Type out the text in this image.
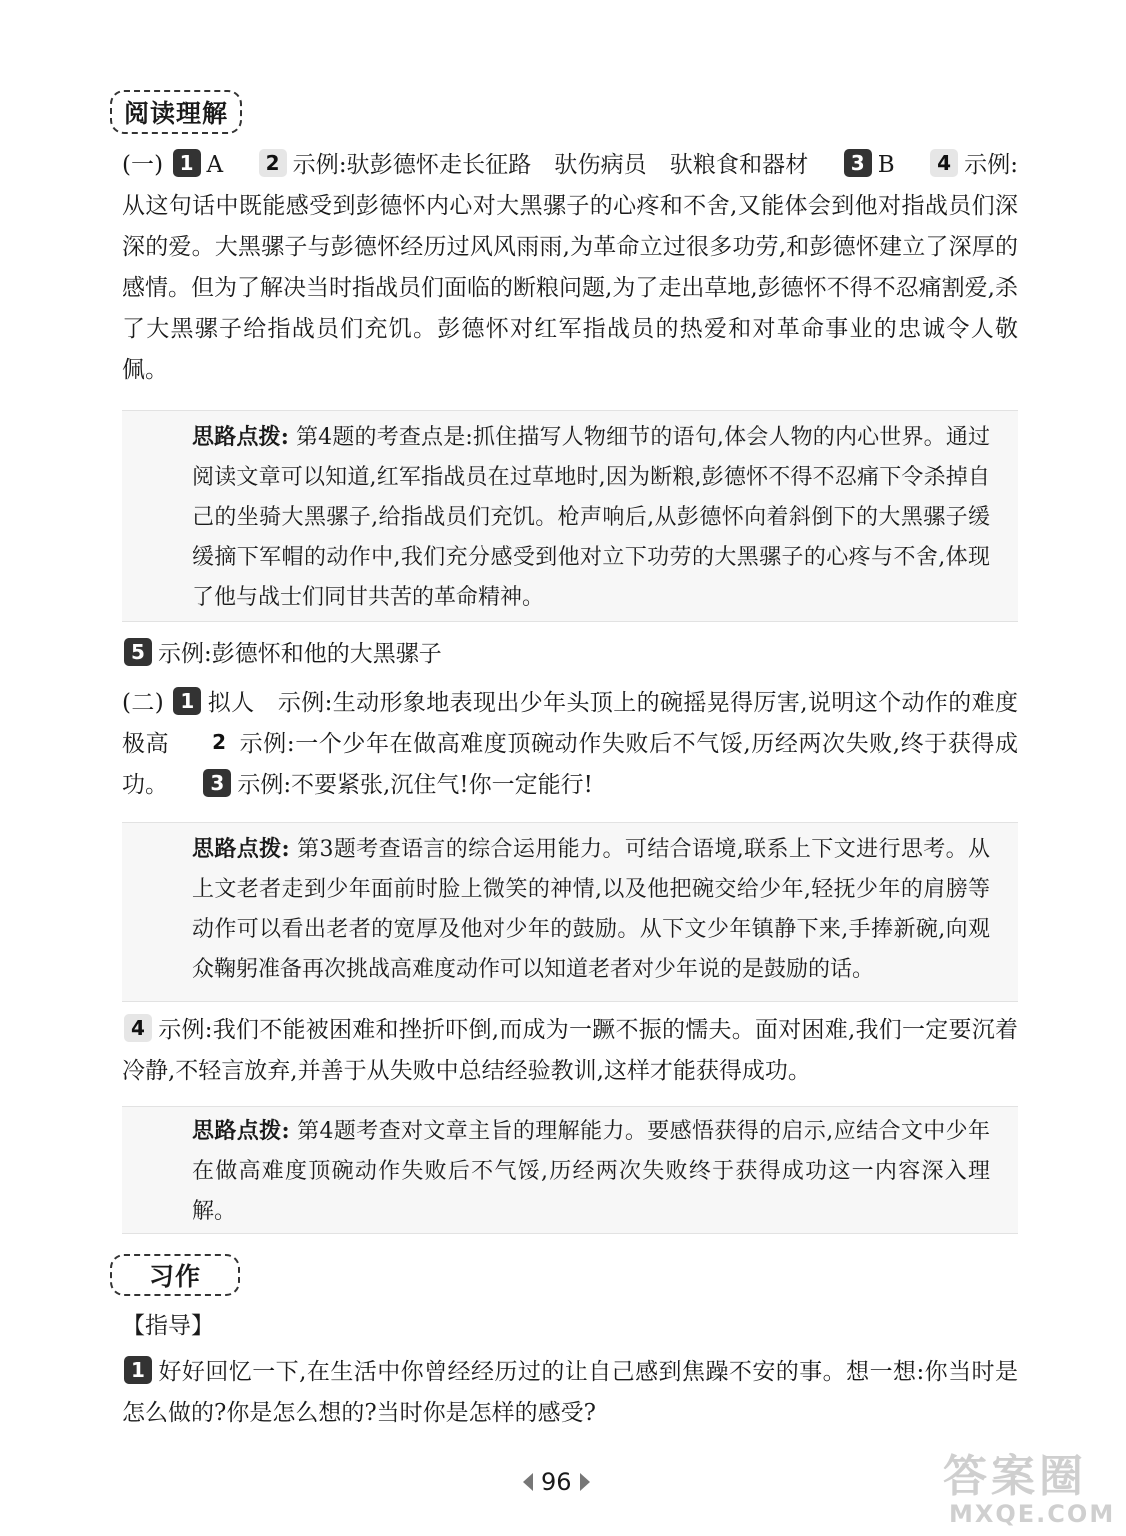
阅读理解
(一) 1 A 2 示例:驮彭德怀走长征路　驮伤病员　驮粮食和器材 3 B 4 示例:从这句话中既能感受到彭德怀内心对大黑骡子的心疼和不舍,又能体会到他对指战员们深深的爱。大黑骡子与彭德怀经历过风风雨雨,为革命立过很多功劳,和彭德怀建立了深厚的感情。但为了解决当时指战员们面临的断粮问题,为了走出草地,彭德怀不得不忍痛割爱,杀了大黑骡子给指战员们充饥。彭德怀对红军指战员的热爱和对革命事业的忠诚令人敬佩。
思路点拨: 第4题的考查点是:抓住描写人物细节的语句,体会人物的内心世界。通过阅读文章可以知道,红军指战员在过草地时,因为断粮,彭德怀不得不忍痛下令杀掉自己的坐骑大黑骡子,给指战员们充饥。枪声响后,从彭德怀向着斜倒下的大黑骡子缓缓摘下军帽的动作中,我们充分感受到他对立下功劳的大黑骡子的心疼与不舍,体现了他与战士们同甘共苦的革命精神。
5 示例:彭德怀和他的大黑骡子
(二) 1 拟人　示例:生动形象地表现出少年头顶上的碗摇晃得厉害,说明这个动作的难度极高 2 示例:一个少年在做高难度顶碗动作失败后不气馁,历经两次失败,终于获得成功。 3 示例:不要紧张,沉住气!你一定能行!
思路点拨: 第3题考查语言的综合运用能力。可结合语境,联系上下文进行思考。从上文老者走到少年面前时脸上微笑的神情,以及他把碗交给少年,轻抚少年的肩膀等动作可以看出老者的宽厚及他对少年的鼓励。从下文少年镇静下来,手捧新碗,向观众鞠躬准备再次挑战高难度动作可以知道老者对少年说的是鼓励的话。
4 示例:我们不能被困难和挫折吓倒,而成为一蹶不振的懦夫。面对困难,我们一定要沉着冷静,不轻言放弃,并善于从失败中总结经验教训,这样才能获得成功。
思路点拨: 第4题考查对文章主旨的理解能力。要感悟获得的启示,应结合文中少年在做高难度顶碗动作失败后不气馁,历经两次失败终于获得成功这一内容深入理解。
习作
【指导】
1 好好回忆一下,在生活中你曾经经历过的让自己感到焦躁不安的事。想一想:你当时是怎么做的?你是怎么想的?当时你是怎样的感受?
96	答案圈
MXQE.COM
